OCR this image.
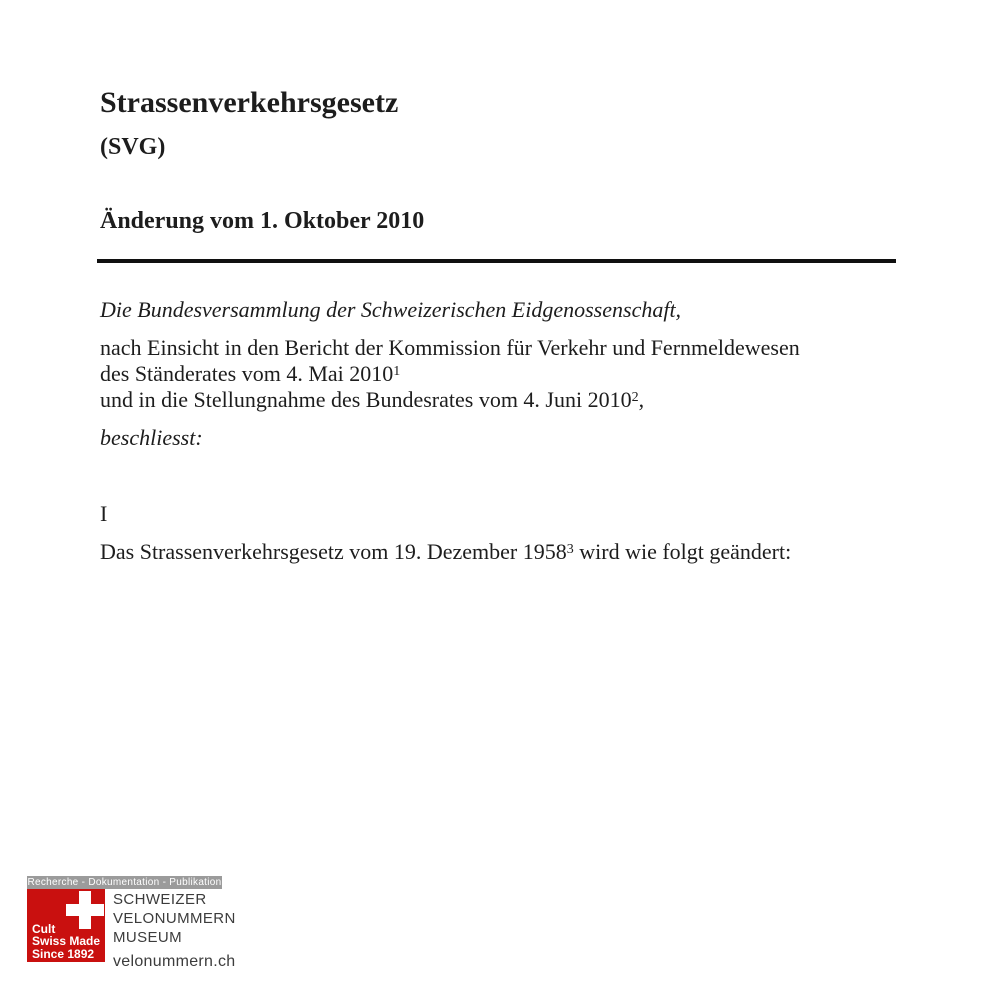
Strassenverkehrsgesetz
(SVG)
Änderung vom 1. Oktober 2010

Die Bundesversammlung der Schweizerischen Eidgenossenschaft,

nach Einsicht in den Bericht der Kommission für Verkehr und Fernmeldewesen
des Ständerates vom 4. Mai 2010$^1$
und in die Stellungnahme des Bundesrates vom 4. Juni 2010$^2$,

beschliesst:

I

Das Strassenverkehrsgesetz vom 19. Dezember 1958$^3$ wird wie folgt geändert:

Recherche - Dokumentation - Publikation
Cult
Swiss Made
Since 1892
SCHWEIZER
VELONUMMERN
MUSEUM
velonummern.ch
